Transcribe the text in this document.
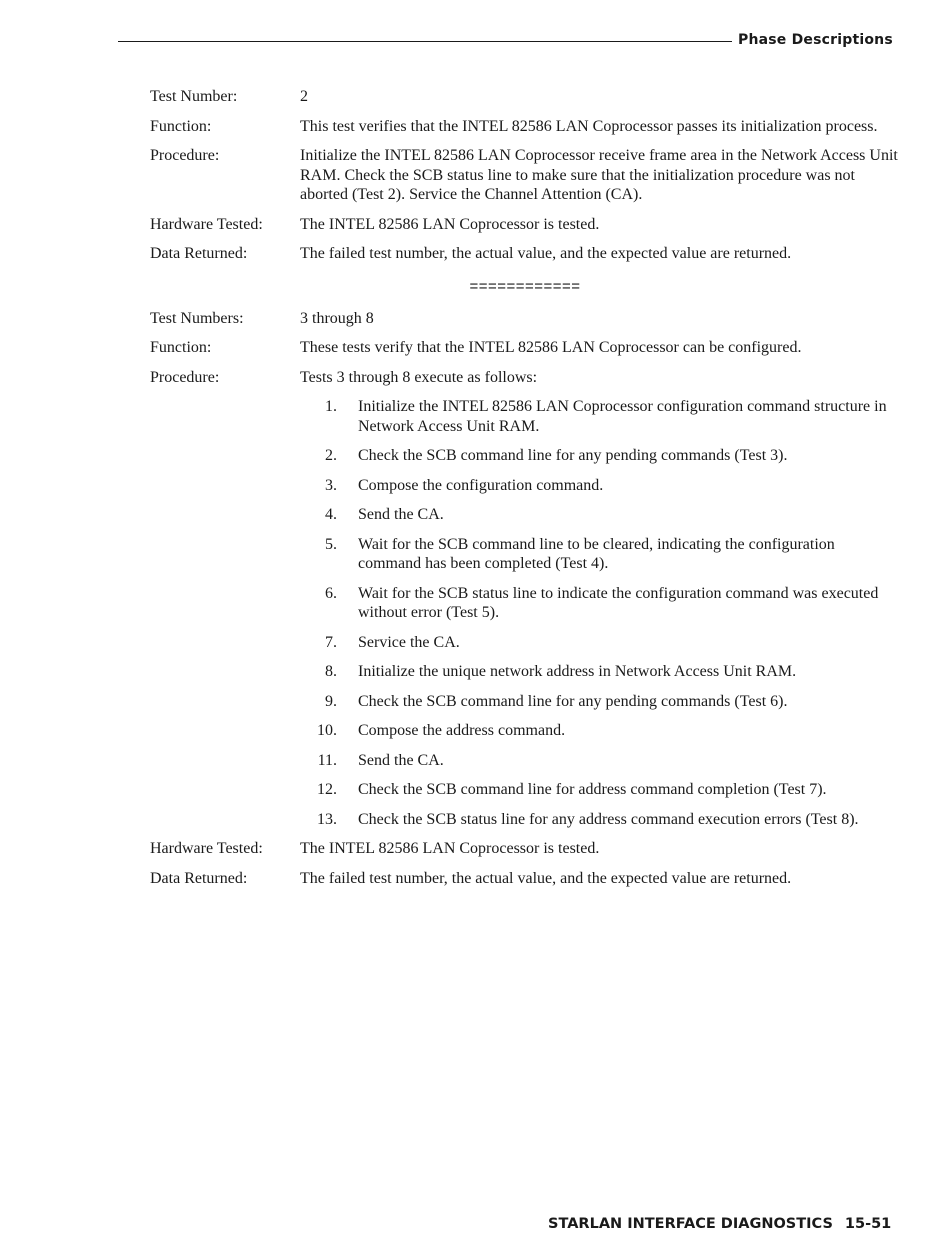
Phase Descriptions
Test Number:	2
Function:	This test verifies that the INTEL 82586 LAN Coprocessor passes its initialization process.
Procedure:	Initialize the INTEL 82586 LAN Coprocessor receive frame area in the Network Access Unit RAM. Check the SCB status line to make sure that the initialization procedure was not aborted (Test 2). Service the Channel Attention (CA).
Hardware Tested:	The INTEL 82586 LAN Coprocessor is tested.
Data Returned:	The failed test number, the actual value, and the expected value are returned.
============
Test Numbers:	3 through 8
Function:	These tests verify that the INTEL 82586 LAN Coprocessor can be configured.
Procedure:	Tests 3 through 8 execute as follows:
1.	Initialize the INTEL 82586 LAN Coprocessor configuration command structure in Network Access Unit RAM.
2.	Check the SCB command line for any pending commands (Test 3).
3.	Compose the configuration command.
4.	Send the CA.
5.	Wait for the SCB command line to be cleared, indicating the configuration command has been completed (Test 4).
6.	Wait for the SCB status line to indicate the configuration command was executed without error (Test 5).
7.	Service the CA.
8.	Initialize the unique network address in Network Access Unit RAM.
9.	Check the SCB command line for any pending commands (Test 6).
10.	Compose the address command.
11.	Send the CA.
12.	Check the SCB command line for address command completion (Test 7).
13.	Check the SCB status line for any address command execution errors (Test 8).
Hardware Tested:	The INTEL 82586 LAN Coprocessor is tested.
Data Returned:	The failed test number, the actual value, and the expected value are returned.
STARLAN INTERFACE DIAGNOSTICS 15-51
